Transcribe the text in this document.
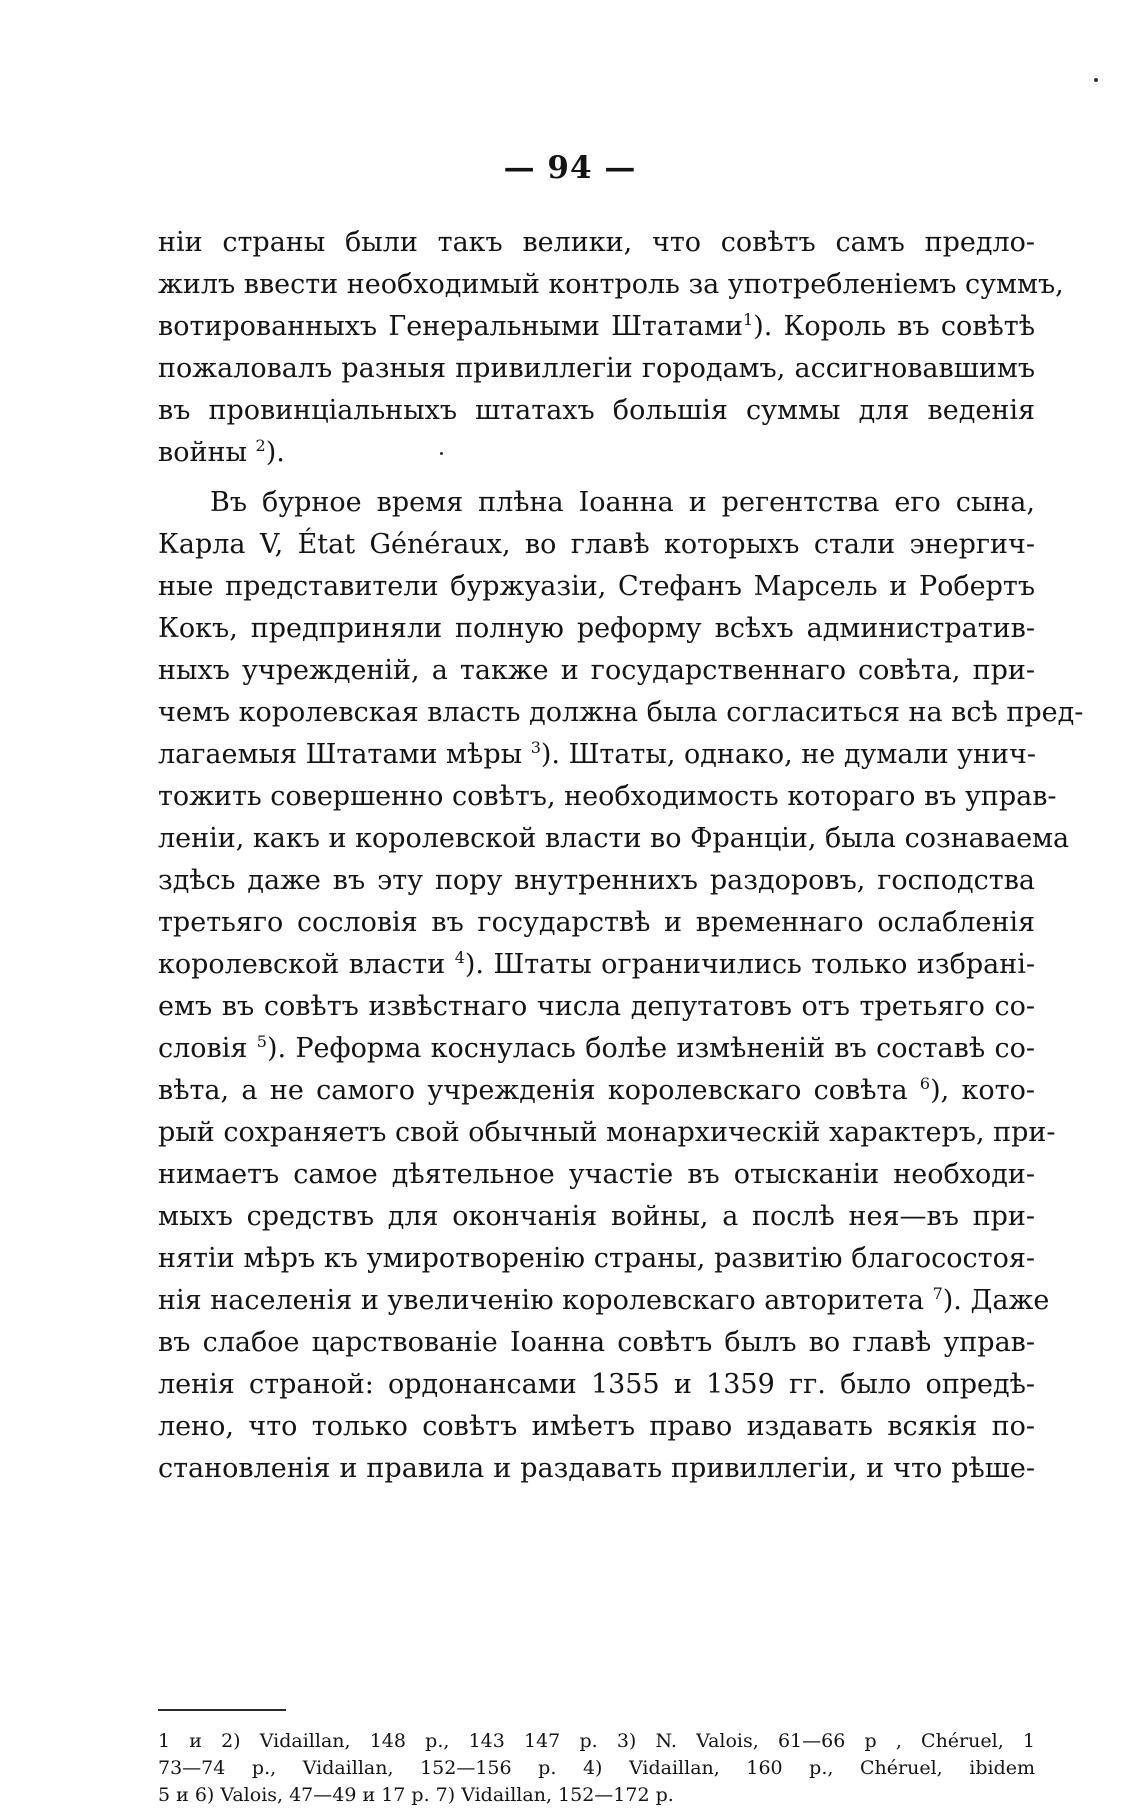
— 94 —
нiи страны были такъ велики, что совѣтъ самъ предло-
жилъ ввести необходимый контроль за употребленiемъ суммъ,
вотированныхъ Генеральными Штатами$^1$). Король въ совѣтѣ
пожаловалъ разныя привиллегiи городамъ, ассигновавшимъ
въ провинцiальныхъ штатахъ большiя суммы для веденiя
войны $^2$).
Въ бурное время плѣна Iоанна и регентства его сына,
Карла V, État Généraux, во главѣ которыхъ стали энергич-
ные представители буржуазiи, Стефанъ Марсель и Робертъ
Кокъ, предприняли полную реформу всѣхъ административ-
ныхъ учрежденiй, а также и государственнаго совѣта, при-
чемъ королевская власть должна была согласиться на всѣ пред-
лагаемыя Штатами мѣры $^3$). Штаты, однако, не думали унич-
тожить совершенно совѣтъ, необходимость котораго въ управ-
ленiи, какъ и королевской власти во Францiи, была сознаваема
здѣсь даже въ эту пору внутреннихъ раздоровъ, господства
третьяго сословiя въ государствѣ и временнаго ослабленiя
королевской власти $^4$). Штаты ограничились только избранi-
емъ въ совѣтъ извѣстнаго числа депутатовъ отъ третьяго со-
словiя $^5$). Реформа коснулась болѣе измѣненiй въ составѣ со-
вѣта, а не самого учрежденiя королевскаго совѣта $^6$), кото-
рый сохраняетъ свой обычный монархическiй характеръ, при-
нимаетъ самое дѣятельное участiе въ отысканiи необходи-
мыхъ средствъ для окончанiя войны, а послѣ нея—въ при-
нятiи мѣръ къ умиротворенiю страны, развитiю благосостоя-
нiя населенiя и увеличенiю королевскаго авторитета $^7$). Даже
въ слабое царствованiе Iоанна совѣтъ былъ во главѣ управ-
ленiя страной: ордонансами 1355 и 1359 гг. было опредѣ-
лено, что только совѣтъ имѣетъ право издавать всякiя по-
становленiя и правила и раздавать привиллегiи, и что рѣше-
1 и 2) Vidaillan, 148 p., 143 147 p. 3) N. Valois, 61—66 p , Chéruel, 1
73—74 p., Vidaillan, 152—156 p. 4) Vidaillan, 160 p., Chéruel, ibidem
5 и 6) Valois, 47—49 и 17 p. 7) Vidaillan, 152—172 p.
